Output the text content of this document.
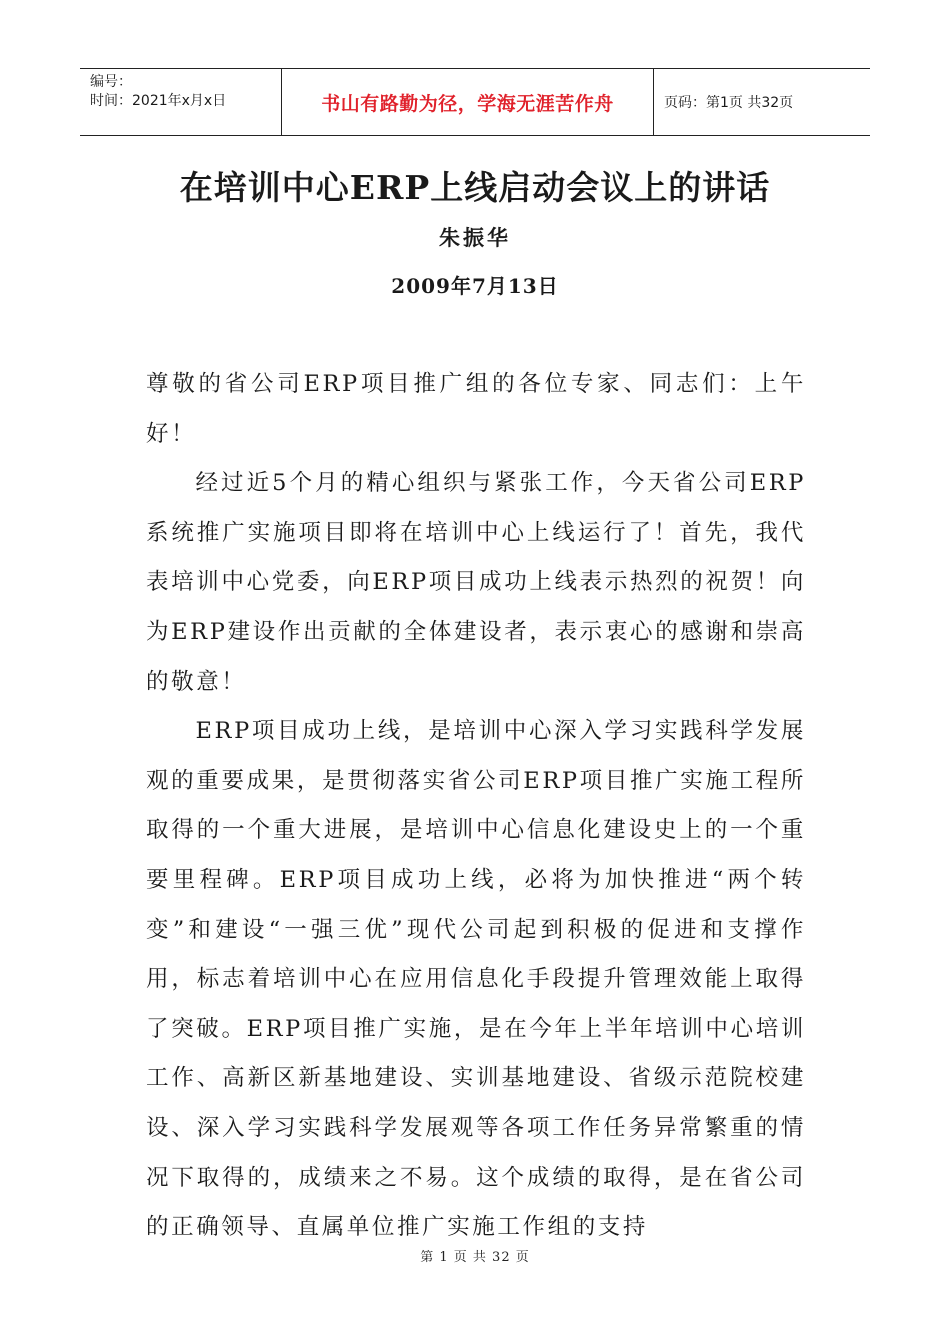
编号：
时间：2021年x月x日	书山有路勤为径，学海无涯苦作舟	页码：第1页 共32页
在培训中心ERP上线启动会议上的讲话
朱振华
2009年7月13日

尊敬的省公司ERP项目推广组的各位专家、同志们：上午好！

经过近5个月的精心组织与紧张工作，今天省公司ERP系统推广实施项目即将在培训中心上线运行了！首先，我代表培训中心党委，向ERP项目成功上线表示热烈的祝贺！向为ERP建设作出贡献的全体建设者，表示衷心的感谢和崇高的敬意！

ERP项目成功上线，是培训中心深入学习实践科学发展观的重要成果，是贯彻落实省公司ERP项目推广实施工程所取得的一个重大进展，是培训中心信息化建设史上的一个重要里程碑。ERP项目成功上线，必将为加快推进“两个转变”和建设“一强三优”现代公司起到积极的促进和支撑作用，标志着培训中心在应用信息化手段提升管理效能上取得了突破。ERP项目推广实施，是在今年上半年培训中心培训工作、高新区新基地建设、实训基地建设、省级示范院校建设、深入学习实践科学发展观等各项工作任务异常繁重的情况下取得的，成绩来之不易。这个成绩的取得，是在省公司的正确领导、直属单位推广实施工作组的支持

第 1 页 共 32 页
